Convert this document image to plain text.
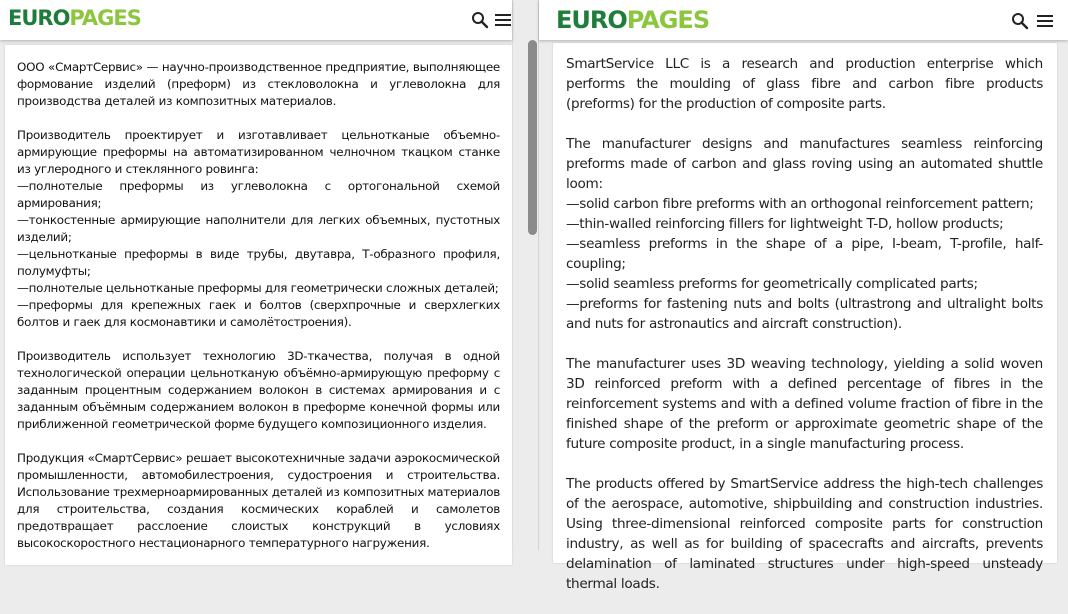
EUROPAGES

ООО «СмартСервис» — научно-производственное предприятие, выполняющее формование изделий (преформ) из стекловолокна и углеволокна для производства деталей из композитных материалов.

Производитель проектирует и изготавливает цельнотканые объемно-армирующие преформы на автоматизированном челночном ткацком станке из углеродного и стеклянного ровинга:
—полнотелые преформы из углеволокна с ортогональной схемой армирования;
—тонкостенные армирующие наполнители для легких объемных, пустотных изделий;
—цельнотканые преформы в виде трубы, двутавра, Т-образного профиля, полумуфты;
—полнотелые цельнотканые преформы для геометрически сложных деталей;
—преформы для крепежных гаек и болтов (сверхпрочные и сверхлегких болтов и гаек для космонавтики и самолётостроения).

Производитель использует технологию 3D-ткачества, получая в одной технологической операции цельнотканую объёмно-армирующую преформу с заданным процентным содержанием волокон в системах армирования и с заданным объёмным содержанием волокон в преформе конечной формы или приближенной геометрической форме будущего композиционного изделия.

Продукция «СмартСервис» решает высокотехничные задачи аэрокосмической промышленности, автомобилестроения, судостроения и строительства. Использование трехмерноармированных деталей из композитных материалов для строительства, создания космических кораблей и самолетов предотвращает расслоение слоистых конструкций в условиях высокоскоростного нестационарного температурного нагружения.

EUROPAGES

SmartService LLC is a research and production enterprise which performs the moulding of glass fibre and carbon fibre products (preforms) for the production of composite parts.

The manufacturer designs and manufactures seamless reinforcing preforms made of carbon and glass roving using an automated shuttle loom:
—solid carbon fibre preforms with an orthogonal reinforcement pattern;
—thin-walled reinforcing fillers for lightweight T-D, hollow products;
—seamless preforms in the shape of a pipe, I-beam, T-profile, half-coupling;
—solid seamless preforms for geometrically complicated parts;
—preforms for fastening nuts and bolts (ultrastrong and ultralight bolts and nuts for astronautics and aircraft construction).

The manufacturer uses 3D weaving technology, yielding a solid woven 3D reinforced preform with a defined percentage of fibres in the reinforcement systems and with a defined volume fraction of fibre in the finished shape of the preform or approximate geometric shape of the future composite product, in a single manufacturing process.

The products offered by SmartService address the high-tech challenges of the aerospace, automotive, shipbuilding and construction industries. Using three-dimensional reinforced composite parts for construction industry, as well as for building of spacecrafts and aircrafts, prevents delamination of laminated structures under high-speed unsteady thermal loads.
